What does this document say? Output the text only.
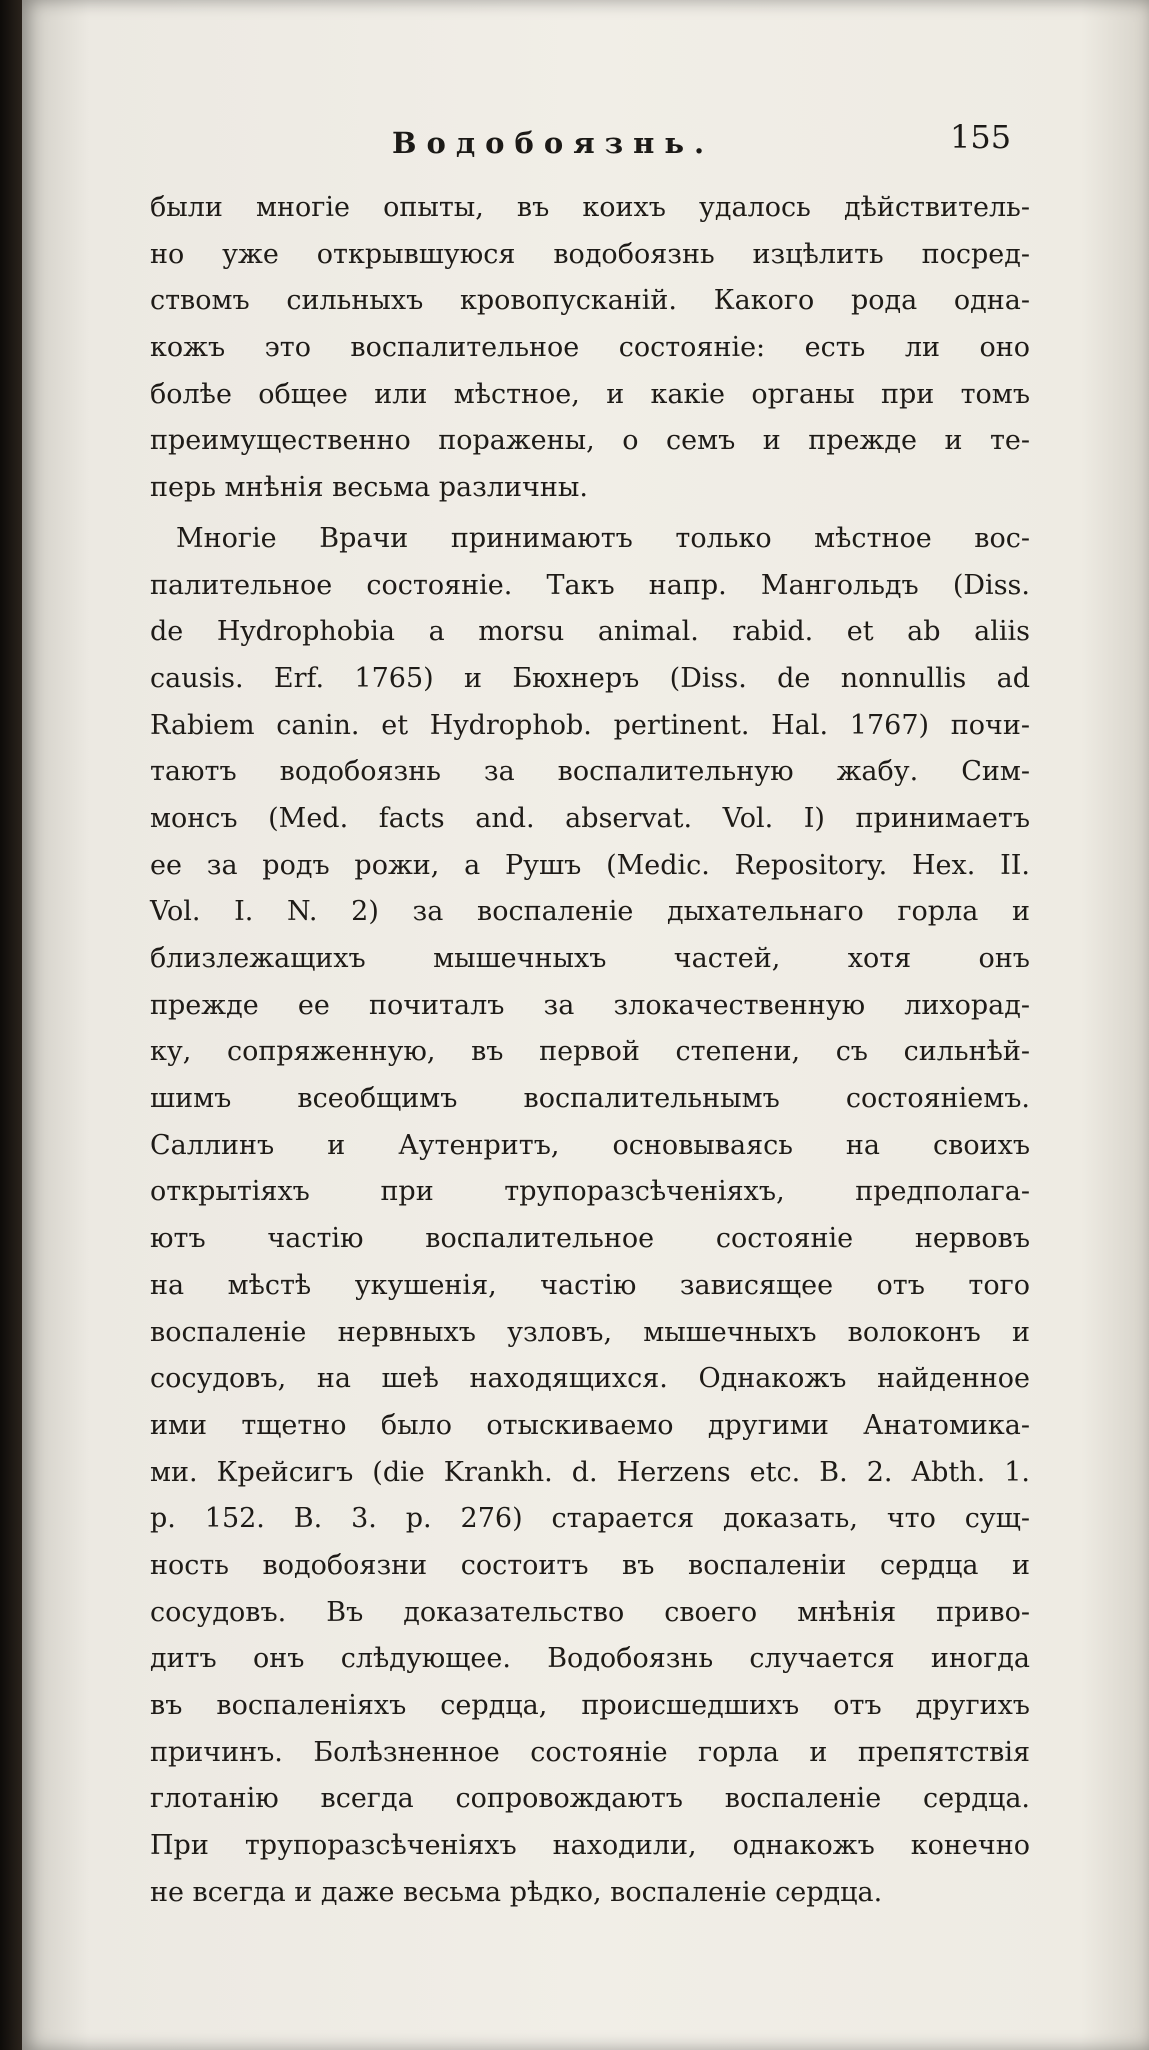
Водобоязнь.	155
были многіе опыты, въ коихъ удалось дѣйствитель-
но уже открывшуюся водобоязнь изцѣлить посред-
ствомъ сильныхъ кровопусканій. Какого рода одна-
кожъ это воспалительное состояніе: есть ли оно
болѣе общее или мѣстное, и какіе органы при томъ
преимущественно поражены, о семъ и прежде и те-
перь мнѣнія весьма различны.
Многіе Врачи принимаютъ только мѣстное вос-
палительное состояніе. Такъ напр. Мангольдъ (Diss.
de Hydrophobia a morsu animal. rabid. et ab aliis
causis. Erf. 1765) и Бюхнеръ (Diss. de nonnullis ad
Rabiem canin. et Hydrophob. pertinent. Hal. 1767) почи-
таютъ водобоязнь за воспалительную жабу. Сим-
монсъ (Med. facts and. abservat. Vol. I) принимаетъ
ее за родъ рожи, а Рушъ (Medic. Repository. Hex. II.
Vol. I. N. 2) за воспаленіе дыхательнаго горла и
близлежащихъ мышечныхъ частей, хотя онъ
прежде ее почиталъ за злокачественную лихорад-
ку, сопряженную, въ первой степени, съ сильнѣй-
шимъ всеобщимъ воспалительнымъ состояніемъ.
Саллинъ и Аутенритъ, основываясь на своихъ
открытіяхъ при трупоразсѣченіяхъ, предполага-
ютъ частію воспалительное состояніе нервовъ
на мѣстѣ укушенія, частію зависящее отъ того
воспаленіе нервныхъ узловъ, мышечныхъ волоконъ и
сосудовъ, на шеѣ находящихся. Однакожъ найденное
ими тщетно было отыскиваемо другими Анатомика-
ми. Крейсигъ (die Krankh. d. Herzens etc. B. 2. Abth. 1.
p. 152. B. 3. p. 276) старается доказать, что сущ-
ность водобоязни состоитъ въ воспаленіи сердца и
сосудовъ. Въ доказательство своего мнѣнія приво-
дитъ онъ слѣдующее. Водобоязнь случается иногда
въ воспаленіяхъ сердца, происшедшихъ отъ другихъ
причинъ. Болѣзненное состояніе горла и препятствія
глотанію всегда сопровождаютъ воспаленіе сердца.
При трупоразсѣченіяхъ находили, однакожъ конечно
не всегда и даже весьма рѣдко, воспаленіе сердца.
